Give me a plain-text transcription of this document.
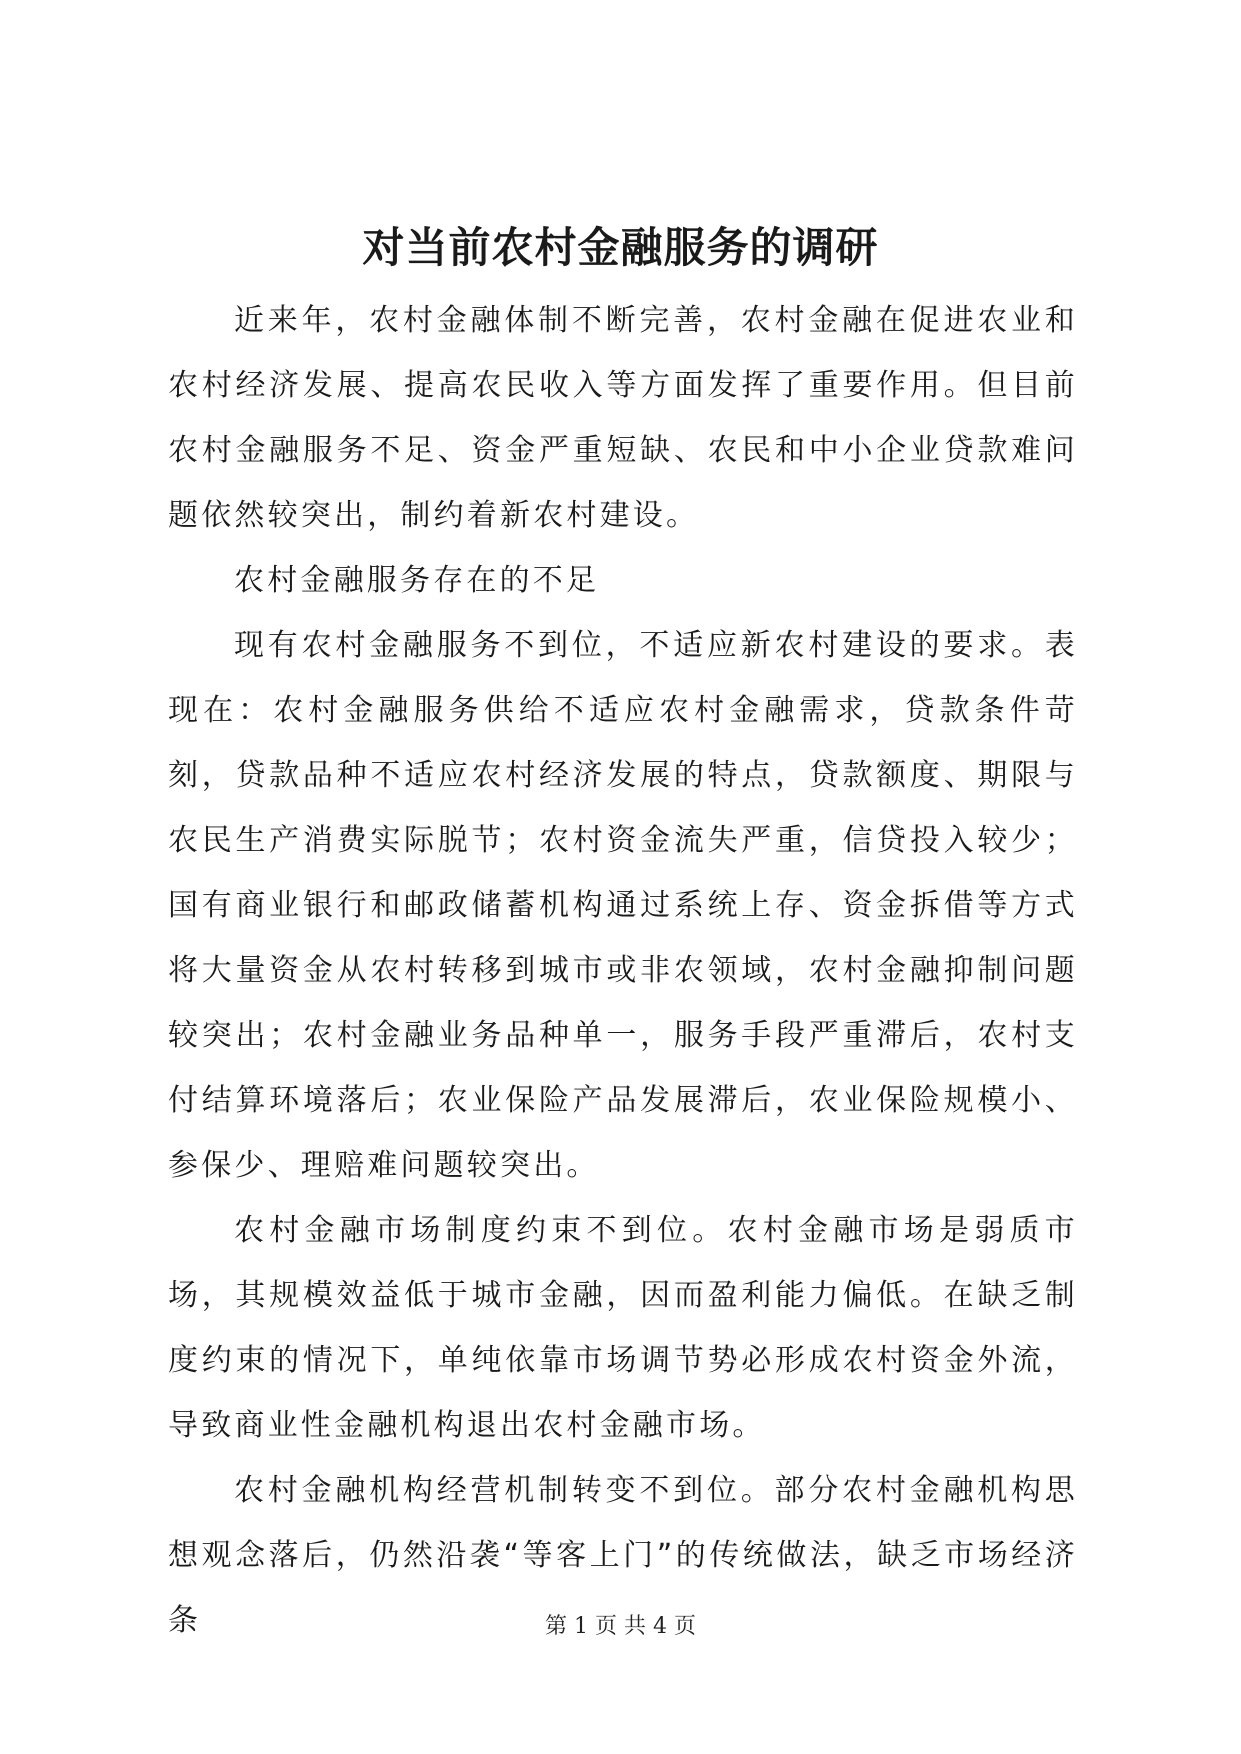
对当前农村金融服务的调研

近来年，农村金融体制不断完善，农村金融在促进农业和农村经济发展、提高农民收入等方面发挥了重要作用。但目前农村金融服务不足、资金严重短缺、农民和中小企业贷款难问题依然较突出，制约着新农村建设。

农村金融服务存在的不足

现有农村金融服务不到位，不适应新农村建设的要求。表现在：农村金融服务供给不适应农村金融需求，贷款条件苛刻，贷款品种不适应农村经济发展的特点，贷款额度、期限与农民生产消费实际脱节；农村资金流失严重，信贷投入较少；国有商业银行和邮政储蓄机构通过系统上存、资金拆借等方式将大量资金从农村转移到城市或非农领域，农村金融抑制问题较突出；农村金融业务品种单一，服务手段严重滞后，农村支付结算环境落后；农业保险产品发展滞后，农业保险规模小、参保少、理赔难问题较突出。

农村金融市场制度约束不到位。农村金融市场是弱质市场，其规模效益低于城市金融，因而盈利能力偏低。在缺乏制度约束的情况下，单纯依靠市场调节势必形成农村资金外流，导致商业性金融机构退出农村金融市场。

农村金融机构经营机制转变不到位。部分农村金融机构思想观念落后，仍然沿袭“等客上门”的传统做法，缺乏市场经济条	第 1 页 共 4 页
